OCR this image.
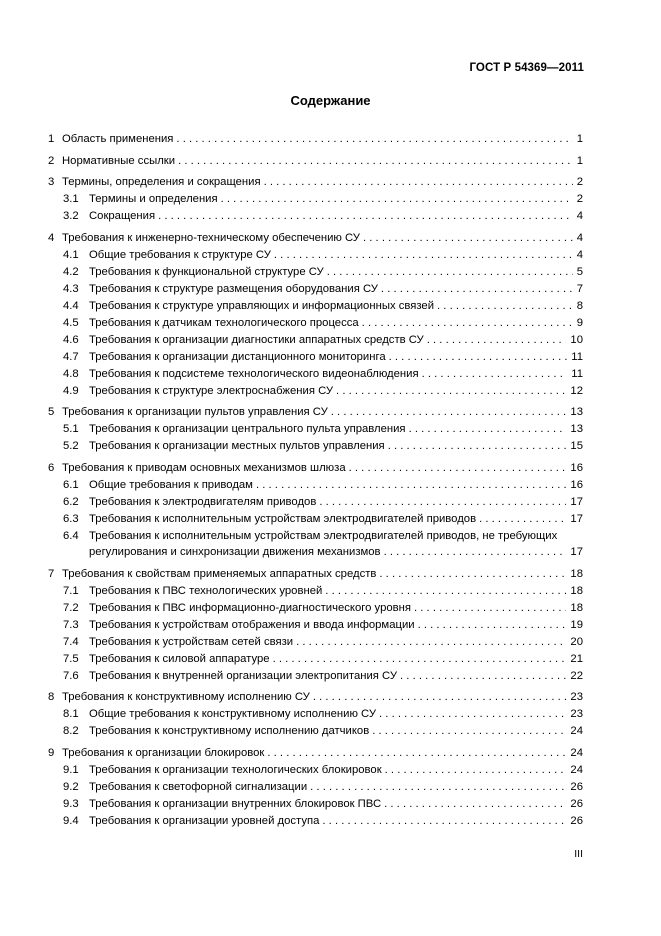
ГОСТ Р 54369—2011
Содержание
1 Область применения . . .	1
2 Нормативные ссылки . . .	1
3 Термины, определения и сокращения . . .	2
3.1 Термины и определения . . .	2
3.2 Сокращения . . .	4
4 Требования к инженерно-техническому обеспечению СУ . . .	4
4.1 Общие требования к структуре СУ . . .	4
4.2 Требования к функциональной структуре СУ . . .	5
4.3 Требования к структуре размещения оборудования СУ . . .	7
4.4 Требования к структуре управляющих и информационных связей . . .	8
4.5 Требования к датчикам технологического процесса . . .	9
4.6 Требования к организации диагностики аппаратных средств СУ . . .	10
4.7 Требования к организации дистанционного мониторинга . . .	11
4.8 Требования к подсистеме технологического видеонаблюдения . . .	11
4.9 Требования к структуре электроснабжения СУ . . .	12
5 Требования к организации пультов управления СУ . . .	13
5.1 Требования к организации центрального пульта управления . . .	13
5.2 Требования к организации местных пультов управления . . .	15
6 Требования к приводам основных механизмов шлюза . . .	16
6.1 Общие требования к приводам . . .	16
6.2 Требования к электродвигателям приводов . . .	17
6.3 Требования к исполнительным устройствам электродвигателей приводов . . .	17
6.4 Требования к исполнительным устройствам электродвигателей приводов, не требующих
регулирования и синхронизации движения механизмов . . .	17
7 Требования к свойствам применяемых аппаратных средств . . .	18
7.1 Требования к ПВС технологических уровней . . .	18
7.2 Требования к ПВС информационно-диагностического уровня . . .	18
7.3 Требования к устройствам отображения и ввода информации . . .	19
7.4 Требования к устройствам сетей связи . . .	20
7.5 Требования к силовой аппаратуре . . .	21
7.6 Требования к внутренней организации электропитания СУ . . .	22
8 Требования к конструктивному исполнению СУ . . .	23
8.1 Общие требования к конструктивному исполнению СУ . . .	23
8.2 Требования к конструктивному исполнению датчиков . . .	24
9 Требования к организации блокировок . . .	24
9.1 Требования к организации технологических блокировок . . .	24
9.2 Требования к светофорной сигнализации . . .	26
9.3 Требования к организации внутренних блокировок ПВС . . .	26
9.4 Требования к организации уровней доступа . . .	26
III
